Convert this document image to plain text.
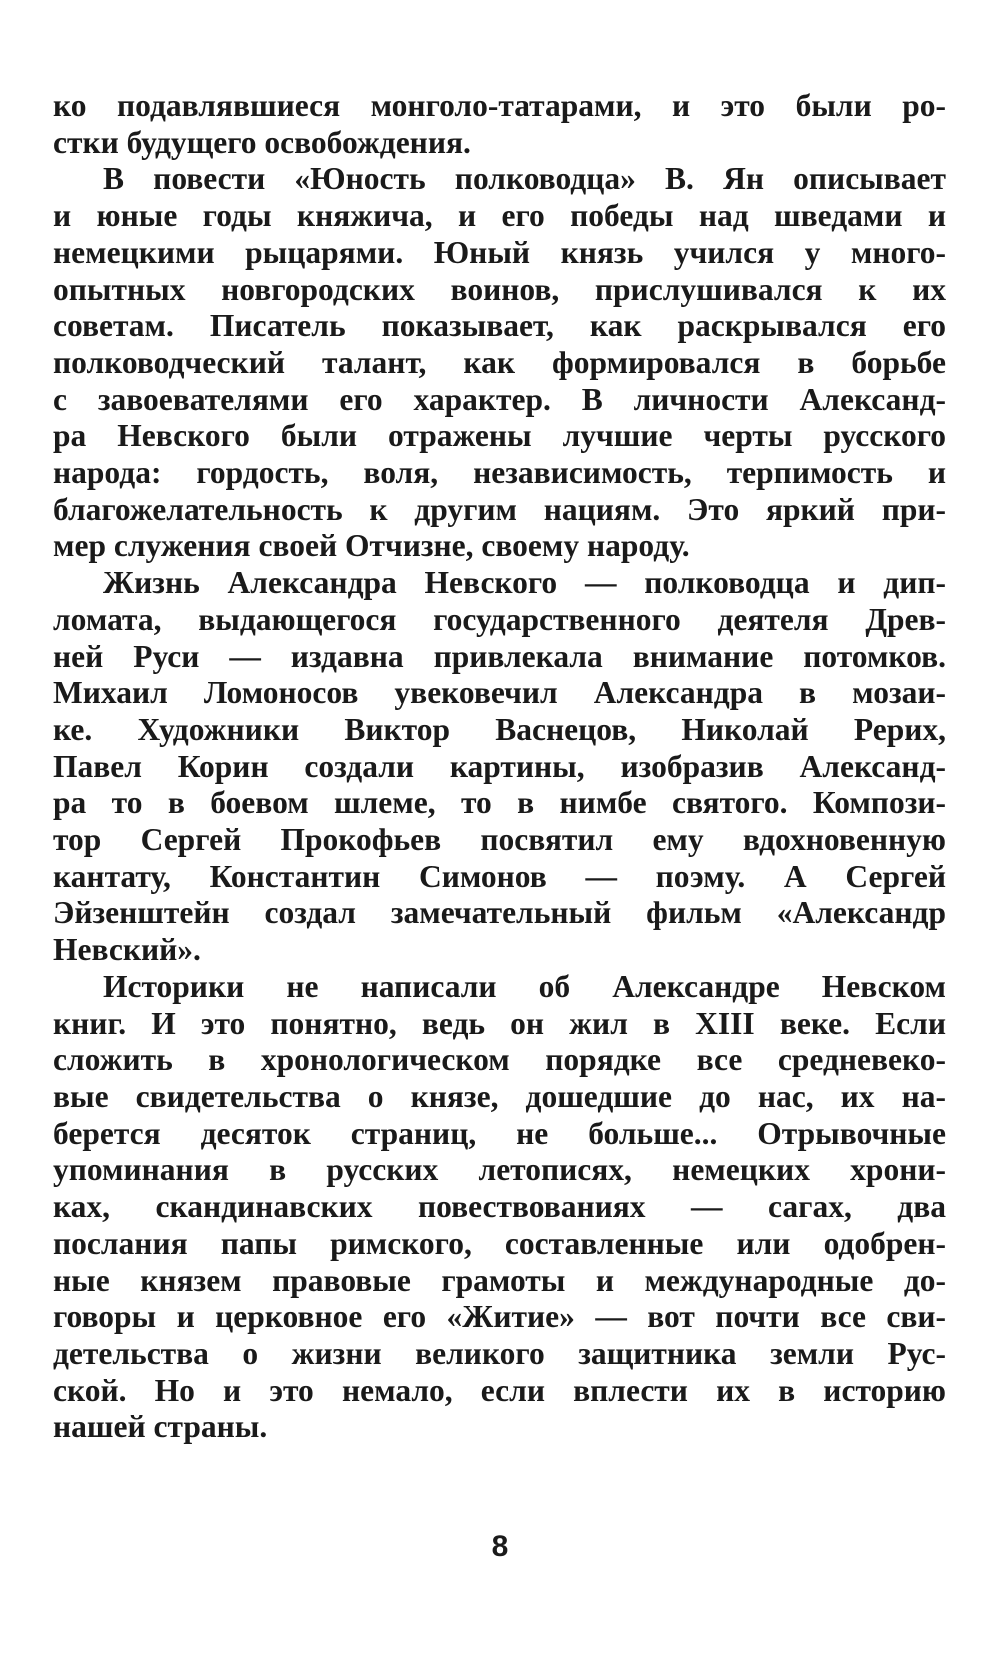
ко подавлявшиеся монголо-татарами, и это были ро-
стки будущего освобождения.
В повести «Юность полководца» В. Ян описывает
и юные годы княжича, и его победы над шведами и
немецкими рыцарями. Юный князь учился у много-
опытных новгородских воинов, прислушивался к их
советам. Писатель показывает, как раскрывался его
полководческий талант, как формировался в борьбе
с завоевателями его характер. В личности Александ-
ра Невского были отражены лучшие черты русского
народа: гордость, воля, независимость, терпимость и
благожелательность к другим нациям. Это яркий при-
мер служения своей Отчизне, своему народу.
Жизнь Александра Невского — полководца и дип-
ломата, выдающегося государственного деятеля Древ-
ней Руси — издавна привлекала внимание потомков.
Михаил Ломоносов увековечил Александра в мозаи-
ке. Художники Виктор Васнецов, Николай Рерих,
Павел Корин создали картины, изобразив Александ-
ра то в боевом шлеме, то в нимбе святого. Компози-
тор Сергей Прокофьев посвятил ему вдохновенную
кантату, Константин Симонов — поэму. А Сергей
Эйзенштейн создал замечательный фильм «Александр
Невский».
Историки не написали об Александре Невском
книг. И это понятно, ведь он жил в XIII веке. Если
сложить в хронологическом порядке все средневеко-
вые свидетельства о князе, дошедшие до нас, их на-
берется десяток страниц, не больше... Отрывочные
упоминания в русских летописях, немецких хрони-
ках, скандинавских повествованиях — сагах, два
послания папы римского, составленные или одобрен-
ные князем правовые грамоты и международные до-
говоры и церковное его «Житие» — вот почти все сви-
детельства о жизни великого защитника земли Рус-
ской. Но и это немало, если вплести их в историю
нашей страны.
8
